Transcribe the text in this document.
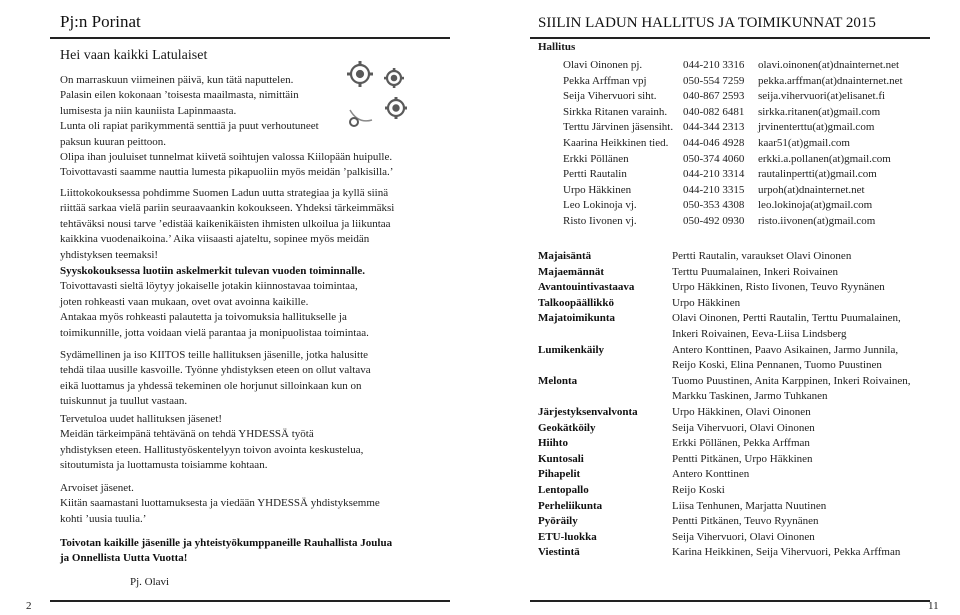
Pj:n Porinat
Hei vaan kaikki Latulaiset
On marraskuun viimeinen päivä, kun tätä naputtelen.
Palasin eilen kokonaan ’toisesta maailmasta, nimittäin
lumisesta ja niin kauniista Lapinmaasta.
Lunta oli rapiat parikymmentä senttiä ja puut verhoutuneet
paksun kuuran peittoon.
Olipa ihan jouluiset tunnelmat kiivetä soihtujen valossa Kiilopään huipulle.
Toivottavasti saamme nauttia lumesta pikapuoliin myös meidän ’palkisilla.’
Liittokokouksessa pohdimme Suomen Ladun uutta strategiaa ja kyllä siinä
riittää sarkaa vielä pariin seuraavaankin kokoukseen. Yhdeksi tärkeimmäksi
tehtäväksi nousi tarve ’edistää kaikenikäisten ihmisten ulkoilua ja liikuntaa
kaikkina vuodenaikoina.’ Aika viisaasti ajateltu, sopinee myös meidän
yhdistyksen teemaksi!
Syyskokouksessa luotiin askelmerkit tulevan vuoden toiminnalle.
Toivottavasti sieltä löytyy jokaiselle jotakin kiinnostavaa toimintaa,
joten rohkeasti vaan mukaan, ovet ovat avoinna kaikille.
Antakaa myös rohkeasti palautetta ja toivomuksia hallitukselle ja
toimikunnille, jotta voidaan vielä parantaa ja monipuolistaa toimintaa.
Sydämellinen ja iso KIITOS teille hallituksen jäsenille, jotka halusitte
tehdä tilaa uusille kasvoille. Työnne yhdistyksen eteen on ollut valtava
eikä luottamus ja yhdessä tekeminen ole horjunut silloinkaan kun on
tuiskunnut ja tuullut vastaan.
Tervetuloa uudet hallituksen jäsenet!
Meidän tärkeimpänä tehtävänä on tehdä YHDESSÄ työtä
yhdistyksen eteen. Hallitustyöskentelyyn toivon avointa keskustelua,
sitoutumista ja luottamusta toisiamme kohtaan.
Arvoiset jäsenet.
Kiitän saamastani luottamuksesta ja viedään YHDESSÄ yhdistyksemme
kohti ’uusia tuulia.’
Toivotan kaikille jäsenille ja yhteistyökumppaneille Rauhallista Joulua
ja Onnellista Uutta Vuotta!
Pj. Olavi
2
SIILIN LADUN HALLITUS JA TOIMIKUNNAT 2015
Hallitus
Olavi Oinonen pj.	044-210 3316 olavi.oinonen(at)dnainternet.net
Pekka Arffman vpj	050-554 7259 pekka.arffman(at)dnainternet.net
Seija Vihervuori siht. 040-867 2593 seija.vihervuori(at)elisanet.fi
Sirkka Ritanen varainh. 040-082 6481 sirkka.ritanen(at)gmail.com
Terttu Järvinen jäsensiht. 044-344 2313 jrvinenterttu(at)gmail.com
Kaarina Heikkinen tied. 044-046 4928 kaar51(at)gmail.com
Erkki Pöllänen	050-374 4060 erkki.a.pollanen(at)gmail.com
Pertti Rautalin	044-210 3314 rautalinpertti(at)gmail.com
Urpo Häkkinen	044-210 3315 urpoh(at)dnainternet.net
Leo Lokinoja vj.	050-353 4308 leo.lokinoja(at)gmail.com
Risto Iivonen vj.	050-492 0930 risto.iivonen(at)gmail.com
Majaisäntä	Pertti Rautalin, varaukset Olavi Oinonen
Majaemännät	Terttu Puumalainen, Inkeri Roivainen
Avantouintivastaava	Urpo Häkkinen, Risto Iivonen, Teuvo Ryynänen
Talkoopäällikkö	Urpo Häkkinen
Majatoimikunta	Olavi Oinonen, Pertti Rautalin, Terttu Puumalainen,
Inkeri Roivainen, Eeva-Liisa Lindsberg
Lumikenkäily	Antero Konttinen, Paavo Asikainen, Jarmo Junnila,
Reijo Koski, Elina Pennanen, Tuomo Puustinen
Melonta	Tuomo Puustinen, Anita Karppinen, Inkeri Roivainen,
Markku Taskinen, Jarmo Tuhkanen
Järjestyksenvalvonta	Urpo Häkkinen, Olavi Oinonen
Geokätköily	Seija Vihervuori, Olavi Oinonen
Hiihto	Erkki Pöllänen, Pekka Arffman
Kuntosali	Pentti Pitkänen, Urpo Häkkinen
Pihapelit	Antero Konttinen
Lentopallo	Reijo Koski
Perheliikunta	Liisa Tenhunen, Marjatta Nuutinen
Pyöräily	Pentti Pitkänen, Teuvo Ryynänen
ETU-luokka	Seija Vihervuori, Olavi Oinonen
Viestintä	Karina Heikkinen, Seija Vihervuori, Pekka Arffman
11
